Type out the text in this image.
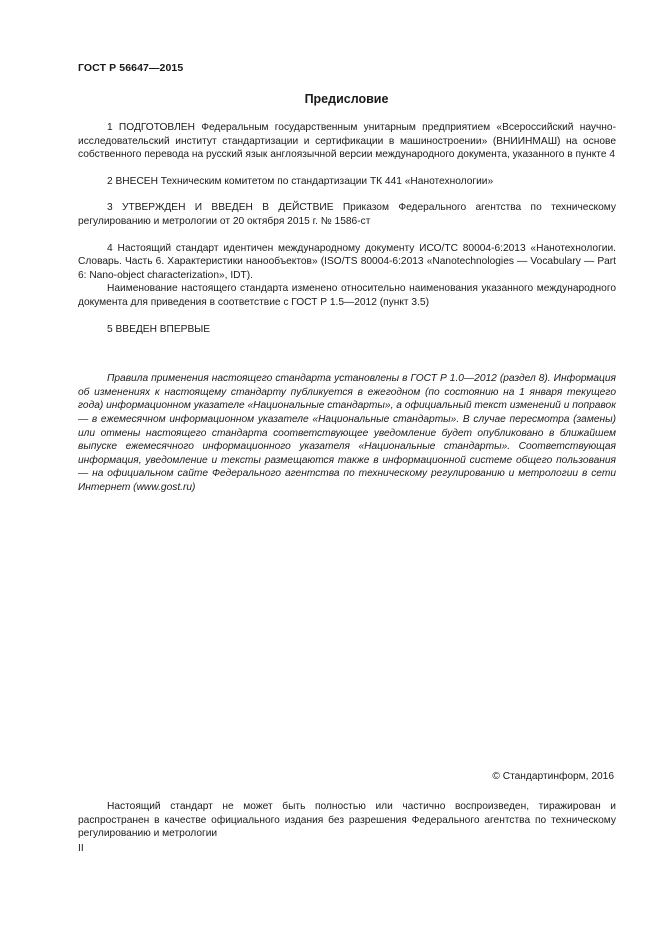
ГОСТ Р 56647—2015
Предисловие

1 ПОДГОТОВЛЕН Федеральным государственным унитарным предприятием «Всероссийский научно-исследовательский институт стандартизации и сертификации в машиностроении» (ВНИИНМАШ) на основе собственного перевода на русский язык англоязычной версии международного документа, указанного в пункте 4

2 ВНЕСЕН Техническим комитетом по стандартизации ТК 441 «Нанотехнологии»

3 УТВЕРЖДЕН И ВВЕДЕН В ДЕЙСТВИЕ Приказом Федерального агентства по техническому регулированию и метрологии от 20 октября 2015 г. № 1586-ст

4 Настоящий стандарт идентичен международному документу ИСО/ТС 80004-6:2013 «Нанотехнологии. Словарь. Часть 6. Характеристики нанообъектов» (ISO/TS 80004-6:2013 «Nanotechnologies — Vocabulary — Part 6: Nano-object characterization», IDT).

Наименование настоящего стандарта изменено относительно наименования указанного международного документа для приведения в соответствие с ГОСТ Р 1.5—2012 (пункт 3.5)

5 ВВЕДЕН ВПЕРВЫЕ

Правила применения настоящего стандарта установлены в ГОСТ Р 1.0—2012 (раздел 8). Информация об изменениях к настоящему стандарту публикуется в ежегодном (по состоянию на 1 января текущего года) информационном указателе «Национальные стандарты», а официальный текст изменений и поправок — в ежемесячном информационном указателе «Национальные стандарты». В случае пересмотра (замены) или отмены настоящего стандарта соответствующее уведомление будет опубликовано в ближайшем выпуске ежемесячного информационного указателя «Национальные стандарты». Соответствующая информация, уведомление и тексты размещаются также в информационной системе общего пользования — на официальном сайте Федерального агентства по техническому регулированию и метрологии в сети Интернет (www.gost.ru)

© Стандартинформ, 2016

Настоящий стандарт не может быть полностью или частично воспроизведен, тиражирован и распространен в качестве официального издания без разрешения Федерального агентства по техническому регулированию и метрологии

II
